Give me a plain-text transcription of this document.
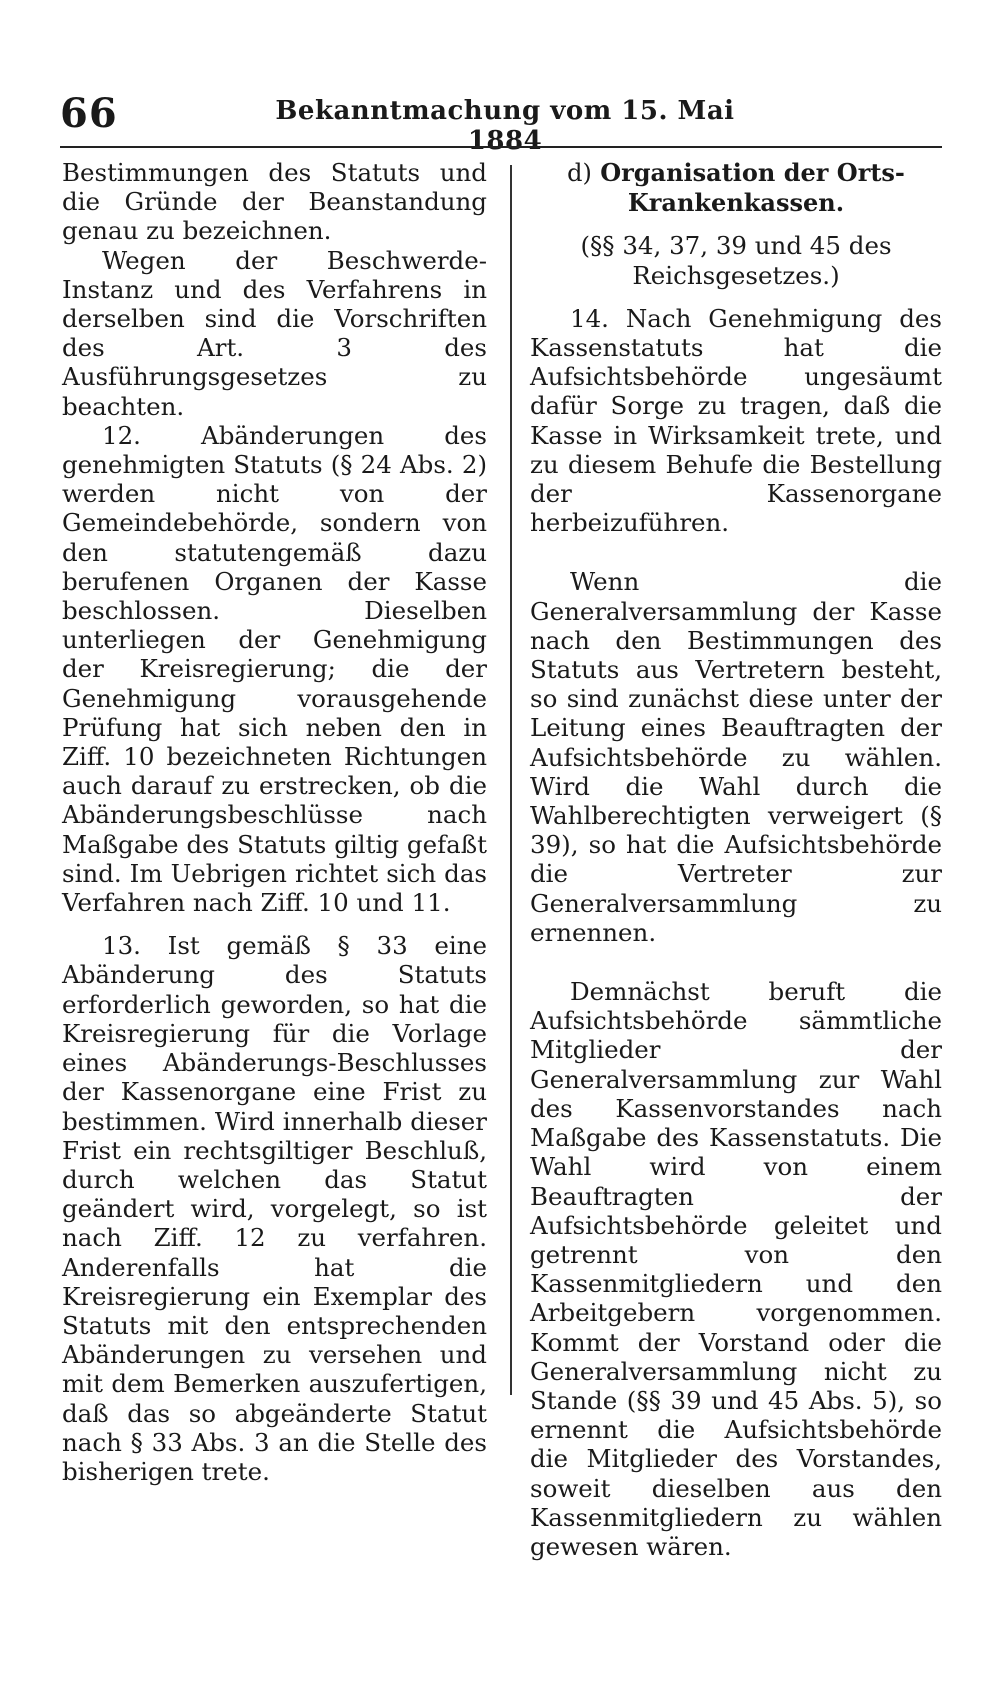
66	Bekanntmachung vom 15. Mai 1884

Bestimmungen des Statuts und die Gründe der Beanstandung genau zu bezeichnen.

Wegen der Beschwerde-Instanz und des Verfahrens in derselben sind die Vorschriften des Art. 3 des Ausführungsgesetzes zu beachten.

12. Abänderungen des genehmigten Statuts (§ 24 Abs. 2) werden nicht von der Gemeindebehörde, sondern von den statutengemäß dazu berufenen Organen der Kasse beschlossen. Dieselben unterliegen der Genehmigung der Kreisregierung; die der Genehmigung vorausgehende Prüfung hat sich neben den in Ziff. 10 bezeichneten Richtungen auch darauf zu erstrecken, ob die Abänderungsbeschlüsse nach Maßgabe des Statuts giltig gefaßt sind. Im Uebrigen richtet sich das Verfahren nach Ziff. 10 und 11.

13. Ist gemäß § 33 eine Abänderung des Statuts erforderlich geworden, so hat die Kreisregierung für die Vorlage eines Abänderungs-Beschlusses der Kassenorgane eine Frist zu bestimmen. Wird innerhalb dieser Frist ein rechtsgiltiger Beschluß, durch welchen das Statut geändert wird, vorgelegt, so ist nach Ziff. 12 zu verfahren. Anderenfalls hat die Kreisregierung ein Exemplar des Statuts mit den entsprechenden Abänderungen zu versehen und mit dem Bemerken auszufertigen, daß das so abgeänderte Statut nach § 33 Abs. 3 an die Stelle des bisherigen trete.

d) Organisation der Orts-Krankenkassen.

(§§ 34, 37, 39 und 45 des Reichsgesetzes.)

14. Nach Genehmigung des Kassenstatuts hat die Aufsichtsbehörde ungesäumt dafür Sorge zu tragen, daß die Kasse in Wirksamkeit trete, und zu diesem Behufe die Bestellung der Kassenorgane herbeizuführen.

Wenn die Generalversammlung der Kasse nach den Bestimmungen des Statuts aus Vertretern besteht, so sind zunächst diese unter der Leitung eines Beauftragten der Aufsichtsbehörde zu wählen. Wird die Wahl durch die Wahlberechtigten verweigert (§ 39), so hat die Aufsichtsbehörde die Vertreter zur Generalversammlung zu ernennen.

Demnächst beruft die Aufsichtsbehörde sämmtliche Mitglieder der Generalversammlung zur Wahl des Kassenvorstandes nach Maßgabe des Kassenstatuts. Die Wahl wird von einem Beauftragten der Aufsichtsbehörde geleitet und getrennt von den Kassenmitgliedern und den Arbeitgebern vorgenommen. Kommt der Vorstand oder die Generalversammlung nicht zu Stande (§§ 39 und 45 Abs. 5), so ernennt die Aufsichtsbehörde die Mitglieder des Vorstandes, soweit dieselben aus den Kassenmitgliedern zu wählen gewesen wären.
